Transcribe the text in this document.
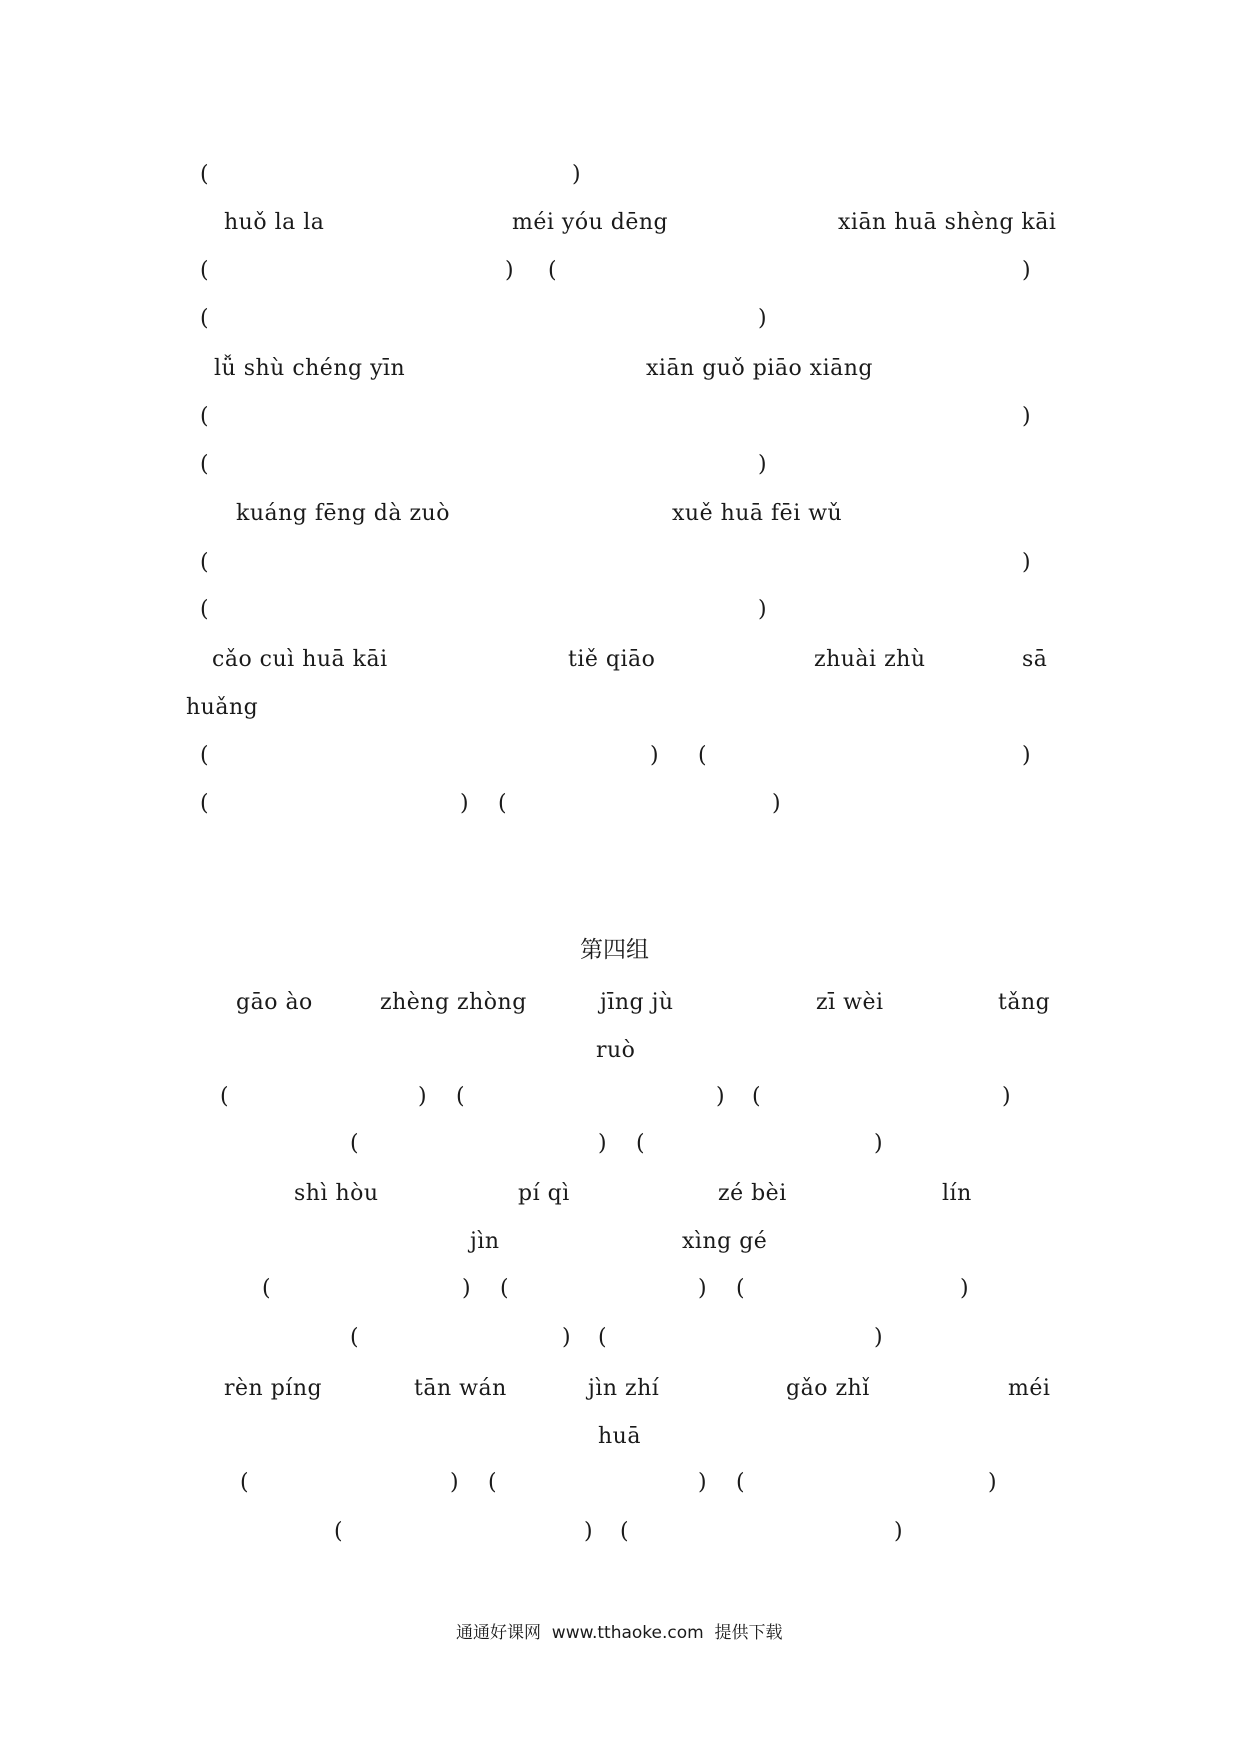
(	)
huǒ la la	méi yóu dēng	xiān huā shèng kāi
(	) (	)
(	)
lǚ shù chéng yīn	xiān guǒ piāo xiāng
(	)
(	)
kuáng fēng dà zuò	xuě huā fēi wǔ
(	)
(	)
cǎo cuì huā kāi	tiě qiāo	zhuài zhù	sā
huǎng
(	) (	)
(	) (	)
第四组
gāo ào	zhèng zhòng	jīng jù	zī wèi	tǎng
ruò
(	) (	) (	)
(	) (	)
shì hòu	pí qì	zé bèi	lín
jìn	xìng gé
(	) (	) (	)
(	) (	)
rèn píng	tān wán	jìn zhí	gǎo zhǐ	méi
huā
(	) (	) (	)
(	) (	)
通通好课网  www.tthaoke.com  提供下载
